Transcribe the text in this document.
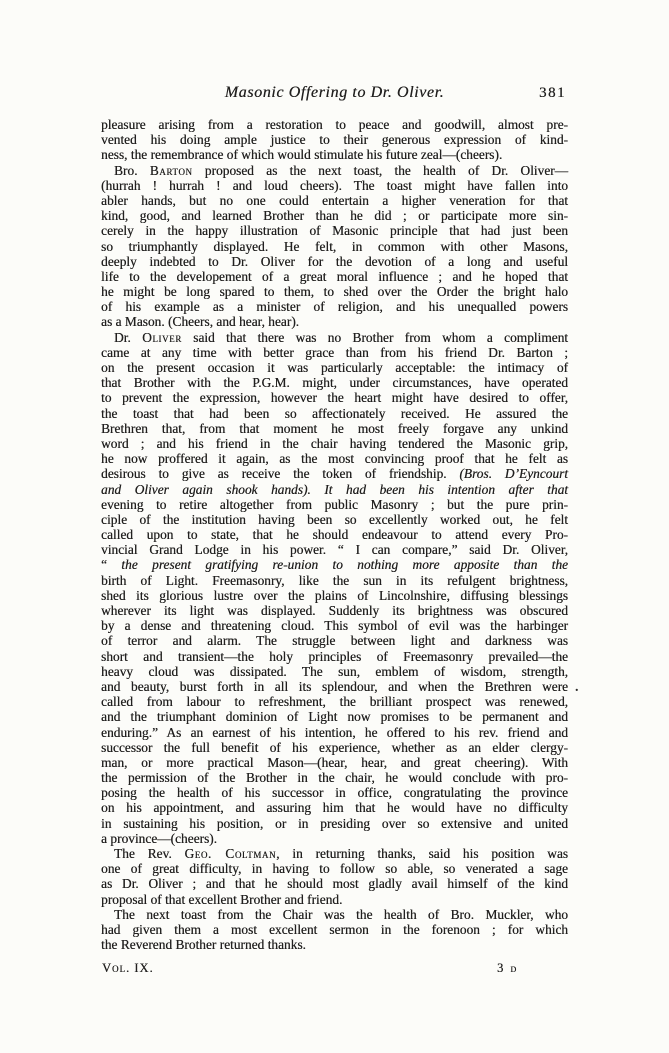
Masonic Offering to Dr. Oliver.	381
pleasure arising from a restoration to peace and goodwill, almost pre-
vented his doing ample justice to their generous expression of kind-
ness, the remembrance of which would stimulate his future zeal—(cheers).
Bro. Barton proposed as the next toast, the health of Dr. Oliver—
(hurrah ! hurrah ! and loud cheers). The toast might have fallen into
abler hands, but no one could entertain a higher veneration for that
kind, good, and learned Brother than he did ; or participate more sin-
cerely in the happy illustration of Masonic principle that had just been
so triumphantly displayed. He felt, in common with other Masons,
deeply indebted to Dr. Oliver for the devotion of a long and useful
life to the developement of a great moral influence ; and he hoped that
he might be long spared to them, to shed over the Order the bright halo
of his example as a minister of religion, and his unequalled powers
as a Mason. (Cheers, and hear, hear).
Dr. Oliver said that there was no Brother from whom a compliment
came at any time with better grace than from his friend Dr. Barton ;
on the present occasion it was particularly acceptable: the intimacy of
that Brother with the P.G.M. might, under circumstances, have operated
to prevent the expression, however the heart might have desired to offer,
the toast that had been so affectionately received. He assured the
Brethren that, from that moment he most freely forgave any unkind
word ; and his friend in the chair having tendered the Masonic grip,
he now proffered it again, as the most convincing proof that he felt as
desirous to give as receive the token of friendship. (Bros. D’Eyncourt
and Oliver again shook hands). It had been his intention after that
evening to retire altogether from public Masonry ; but the pure prin-
ciple of the institution having been so excellently worked out, he felt
called upon to state, that he should endeavour to attend every Pro-
vincial Grand Lodge in his power. “ I can compare,” said Dr. Oliver,
“ the present gratifying re-union to nothing more apposite than the
birth of Light. Freemasonry, like the sun in its refulgent brightness,
shed its glorious lustre over the plains of Lincolnshire, diffusing blessings
wherever its light was displayed. Suddenly its brightness was obscured
by a dense and threatening cloud. This symbol of evil was the harbinger
of terror and alarm. The struggle between light and darkness was
short and transient—the holy principles of Freemasonry prevailed—the
heavy cloud was dissipated. The sun, emblem of wisdom, strength,
and beauty, burst forth in all its splendour, and when the Brethren were
called from labour to refreshment, the brilliant prospect was renewed,
and the triumphant dominion of Light now promises to be permanent and
enduring.” As an earnest of his intention, he offered to his rev. friend and
successor the full benefit of his experience, whether as an elder clergy-
man, or more practical Mason—(hear, hear, and great cheering). With
the permission of the Brother in the chair, he would conclude with pro-
posing the health of his successor in office, congratulating the province
on his appointment, and assuring him that he would have no difficulty
in sustaining his position, or in presiding over so extensive and united
a province—(cheers).
The Rev. Geo. Coltman, in returning thanks, said his position was
one of great difficulty, in having to follow so able, so venerated a sage
as Dr. Oliver ; and that he should most gladly avail himself of the kind
proposal of that excellent Brother and friend.
The next toast from the Chair was the health of Bro. Muckler, who
had given them a most excellent sermon in the forenoon ; for which
the Reverend Brother returned thanks.
.
Vol. IX.	3 d
